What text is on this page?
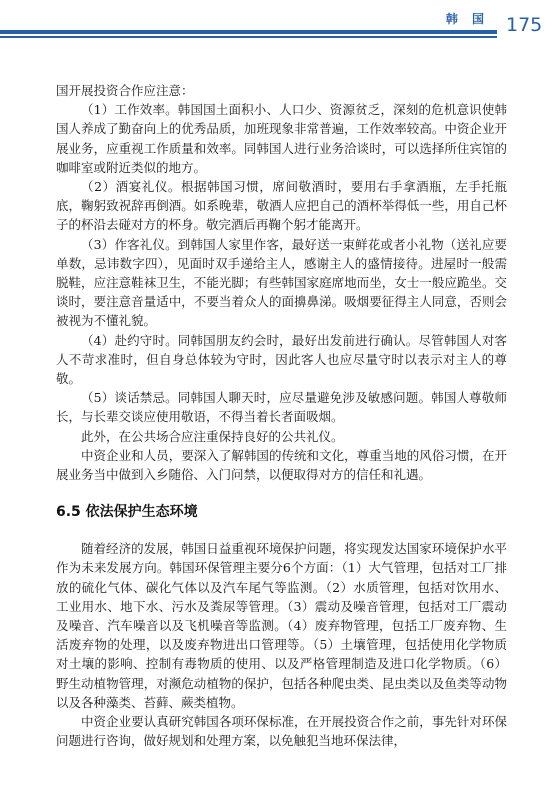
韩 国 175

国开展投资合作应注意：

（1）工作效率。韩国国土面积小、人口少、资源贫乏，深刻的危机意识使韩国人养成了勤奋向上的优秀品质，加班现象非常普遍，工作效率较高。中资企业开展业务，应重视工作质量和效率。同韩国人进行业务洽谈时，可以选择所住宾馆的咖啡室或附近类似的地方。

（2）酒宴礼仪。根据韩国习惯，席间敬酒时，要用右手拿酒瓶，左手托瓶底，鞠躬致祝辞再倒酒。如系晚辈，敬酒人应把自己的酒杯举得低一些，用自己杯子的杯沿去碰对方的杯身。敬完酒后再鞠个躬才能离开。

（3）作客礼仪。到韩国人家里作客，最好送一束鲜花或者小礼物（送礼应要单数，忌讳数字四），见面时双手递给主人，感谢主人的盛情接待。进屋时一般需脱鞋，应注意鞋袜卫生，不能光脚；有些韩国家庭席地而坐，女士一般应跪坐。交谈时，要注意音量适中，不要当着众人的面擤鼻涕。吸烟要征得主人同意，否则会被视为不懂礼貌。

（4）赴约守时。同韩国朋友约会时，最好出发前进行确认。尽管韩国人对客人不苛求准时，但自身总体较为守时，因此客人也应尽量守时以表示对主人的尊敬。

（5）谈话禁忌。同韩国人聊天时，应尽量避免涉及敏感问题。韩国人尊敬师长，与长辈交谈应使用敬语，不得当着长者面吸烟。

此外，在公共场合应注重保持良好的公共礼仪。

中资企业和人员，要深入了解韩国的传统和文化，尊重当地的风俗习惯，在开展业务当中做到入乡随俗、入门问禁，以便取得对方的信任和礼遇。

6.5 依法保护生态环境

随着经济的发展，韩国日益重视环境保护问题，将实现发达国家环境保护水平作为未来发展方向。韩国环保管理主要分6个方面：（1）大气管理，包括对工厂排放的硫化气体、碳化气体以及汽车尾气等监测。（2）水质管理，包括对饮用水、工业用水、地下水、污水及粪尿等管理。（3）震动及噪音管理，包括对工厂震动及噪音、汽车噪音以及飞机噪音等监测。（4）废弃物管理，包括工厂废弃物、生活废弃物的处理，以及废弃物进出口管理等。（5）土壤管理，包括使用化学物质对土壤的影响、控制有毒物质的使用、以及严格管理制造及进口化学物质。（6）野生动植物管理，对濒危动植物的保护，包括各种爬虫类、昆虫类以及鱼类等动物以及各种藻类、苔藓、蕨类植物。

中资企业要认真研究韩国各项环保标准，在开展投资合作之前，事先针对环保问题进行咨询，做好规划和处理方案，以免触犯当地环保法律，
